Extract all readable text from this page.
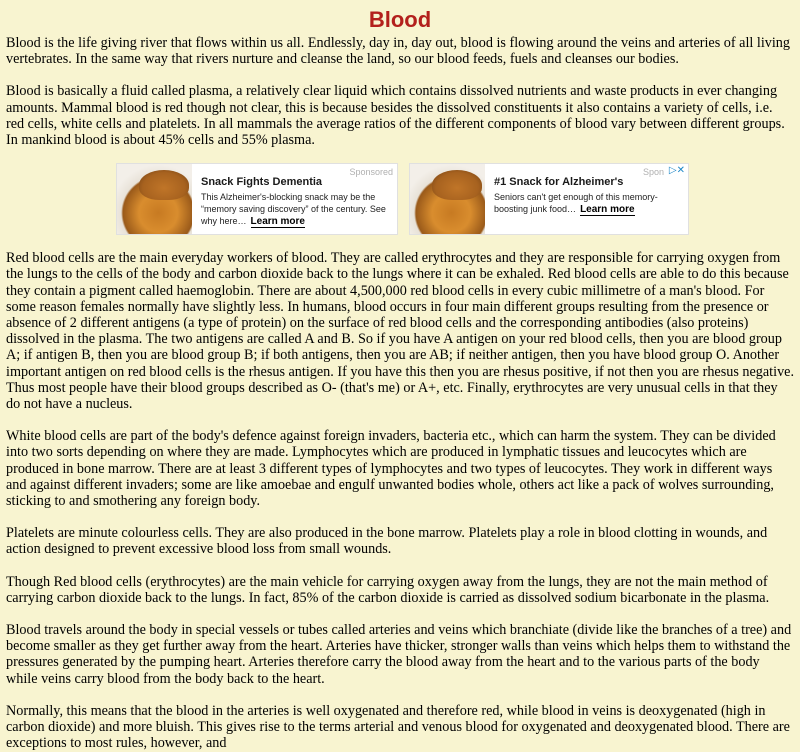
Blood

Blood is the life giving river that flows within us all. Endlessly, day in, day out, blood is flowing around the veins and arteries of all living vertebrates. In the same way that rivers nurture and cleanse the land, so our blood feeds, fuels and cleanses our bodies.

Blood is basically a fluid called plasma, a relatively clear liquid which contains dissolved nutrients and waste products in ever changing amounts. Mammal blood is red though not clear, this is because besides the dissolved constituents it also contains a variety of cells, i.e. red cells, white cells and platelets. In all mammals the average ratios of the different components of blood vary between different groups. In mankind blood is about 45% cells and 55% plasma.

Sponsored
Snack Fights Dementia
This Alzheimer's-blocking snack may be the “memory saving discovery” of the century. See why here… Learn more
Spon ▷✕
#1 Snack for Alzheimer's
Seniors can't get enough of this memory-boosting junk food… Learn more

Red blood cells are the main everyday workers of blood. They are called erythrocytes and they are responsible for carrying oxygen from the lungs to the cells of the body and carbon dioxide back to the lungs where it can be exhaled. Red blood cells are able to do this because they contain a pigment called haemoglobin. There are about 4,500,000 red blood cells in every cubic millimetre of a man's blood. For some reason females normally have slightly less. In humans, blood occurs in four main different groups resulting from the presence or absence of 2 different antigens (a type of protein) on the surface of red blood cells and the corresponding antibodies (also proteins) dissolved in the plasma. The two antigens are called A and B. So if you have A antigen on your red blood cells, then you are blood group A; if antigen B, then you are blood group B; if both antigens, then you are AB; if neither antigen, then you have blood group O. Another important antigen on red blood cells is the rhesus antigen. If you have this then you are rhesus positive, if not then you are rhesus negative. Thus most people have their blood groups described as O- (that's me) or A+, etc. Finally, erythrocytes are very unusual cells in that they do not have a nucleus.

White blood cells are part of the body's defence against foreign invaders, bacteria etc., which can harm the system. They can be divided into two sorts depending on where they are made. Lymphocytes which are produced in lymphatic tissues and leucocytes which are produced in bone marrow. There are at least 3 different types of lymphocytes and two types of leucocytes. They work in different ways and against different invaders; some are like amoebae and engulf unwanted bodies whole, others act like a pack of wolves surrounding, sticking to and smothering any foreign body.

Platelets are minute colourless cells. They are also produced in the bone marrow. Platelets play a role in blood clotting in wounds, and action designed to prevent excessive blood loss from small wounds.

Though Red blood cells (erythrocytes) are the main vehicle for carrying oxygen away from the lungs, they are not the main method of carrying carbon dioxide back to the lungs. In fact, 85% of the carbon dioxide is carried as dissolved sodium bicarbonate in the plasma.

Blood travels around the body in special vessels or tubes called arteries and veins which branchiate (divide like the branches of a tree) and become smaller as they get further away from the heart. Arteries have thicker, stronger walls than veins which helps them to withstand the pressures generated by the pumping heart. Arteries therefore carry the blood away from the heart and to the various parts of the body while veins carry blood from the body back to the heart.

Normally, this means that the blood in the arteries is well oxygenated and therefore red, while blood in veins is deoxygenated (high in carbon dioxide) and more bluish. This gives rise to the terms arterial and venous blood for oxygenated and deoxygenated blood. There are exceptions to most rules, however, and
